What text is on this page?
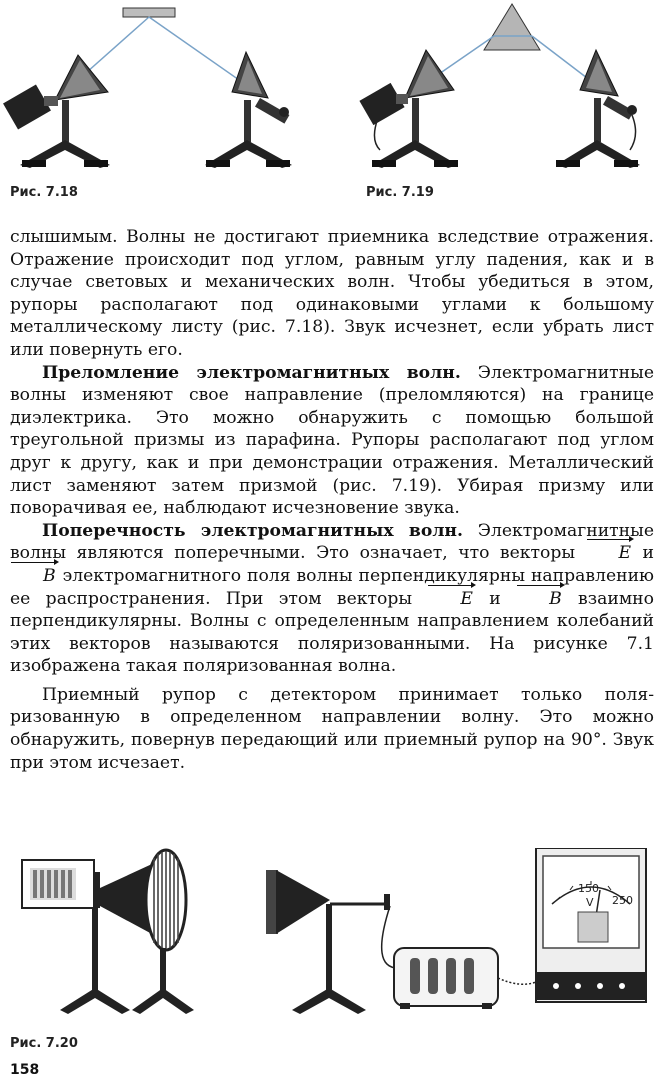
Рис. 7.18	Рис. 7.19

слышимым. Волны не достигают приемника вследствие отражения. Отражение происходит под углом, равным углу падения, как и в случае световых и механических волн. Чтобы убедиться в этом, рупоры располагают под одинаковыми углами к большому металлическому листу (рис. 7.18). Звук исчезнет, если убрать лист или повернуть его.

Преломление электромагнитных волн. Электромагнитные волны изменяют свое направление (преломляются) на границе диэлектрика. Это можно обнаружить с помощью большой треугольной призмы из парафина. Рупоры располагают под углом друг к другу, как и при демонстрации отражения. Металлический лист заменяют затем призмой (рис. 7.19). Убирая призму или поворачивая ее, наблюдают исчезновение звука.

Поперечность электромагнитных волн. Электромагнитные волны являются поперечными. Это означает, что векторы E и B электромагнитного поля волны перпендикулярны направлению ее распространения. При этом векторы E и B взаимно перпендикулярны. Волны с определенным направлением колебаний этих векторов называются поляризованными. На рисунке 7.1 изображена такая поляризованная волна.

Приемный рупор с детектором принимает только поляризованную в определенном направлении волну. Это можно обнаружить, повернув передающий или приемный рупор на 90°. Звук при этом исчезает.

150
250
V
Рис. 7.20
158
